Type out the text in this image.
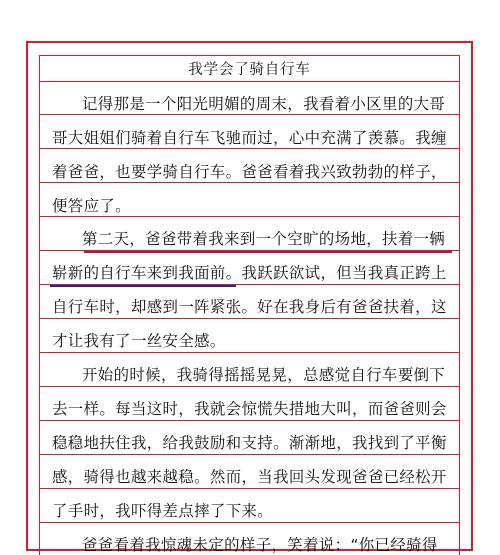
我学会了骑自行车
记得那是一个阳光明媚的周末，我看着小区里的大哥
哥大姐姐们骑着自行车飞驰而过，心中充满了羡慕。我缠
着爸爸，也要学骑自行车。爸爸看着我兴致勃勃的样子，
便答应了。
第二天，爸爸带着我来到一个空旷的场地，扶着一辆
崭新的自行车来到我面前。我跃跃欲试，但当我真正跨上
自行车时，却感到一阵紧张。好在我身后有爸爸扶着，这
才让我有了一丝安全感。
开始的时候，我骑得摇摇晃晃，总感觉自行车要倒下
去一样。每当这时，我就会惊慌失措地大叫，而爸爸则会
稳稳地扶住我，给我鼓励和支持。渐渐地，我找到了平衡
感，骑得也越来越稳。然而，当我回头发现爸爸已经松开
了手时，我吓得差点摔了下来。
爸爸看着我惊魂未定的样子，笑着说：“你已经骑得
